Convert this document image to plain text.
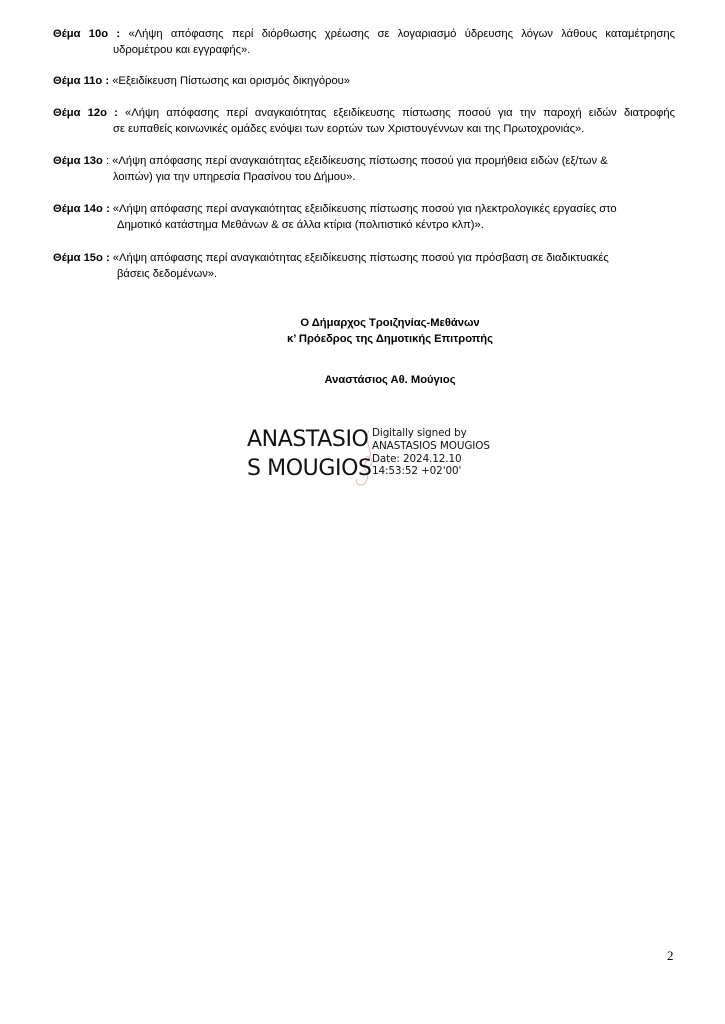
Θέμα 10ο : «Λήψη απόφασης περί διόρθωσης χρέωσης σε λογαριασμό ύδρευσης λόγων λάθους καταμέτρησης
υδρομέτρου και εγγραφής».
Θέμα 11ο : «Εξειδίκευση Πίστωσης και ορισμός δικηγόρου»
Θέμα 12ο : «Λήψη απόφασης περί αναγκαιότητας εξειδίκευσης πίστωσης ποσού για την παροχή ειδών διατροφής
σε ευπαθείς κοινωνικές ομάδες ενόψει των εορτών των Χριστουγέννων και της Πρωτοχρονιάς».
Θέμα 13ο : «Λήψη απόφασης περί αναγκαιότητας εξειδίκευσης πίστωσης ποσού για προμήθεια ειδών (εξ/των &
λοιπών) για την υπηρεσία Πρασίνου του Δήμου».
Θέμα 14ο : «Λήψη απόφασης περί αναγκαιότητας εξειδίκευσης πίστωσης ποσού για ηλεκτρολογικές εργασίες στο
Δημοτικό κατάστημα Μεθάνων & σε άλλα κτίρια (πολιτιστικό κέντρο κλπ)».
Θέμα 15ο : «Λήψη απόφασης περί αναγκαιότητας εξειδίκευσης πίστωσης ποσού για πρόσβαση σε διαδικτυακές
βάσεις δεδομένων».
Ο Δήμαρχος Τροιζηνίας-Μεθάνων
κ’ Πρόεδρος της Δημοτικής Επιτροπής
Αναστάσιος Αθ. Μούγιος
ANASTASIO
S MOUGIOS
Digitally signed by
ANASTASIOS MOUGIOS
Date: 2024.12.10
14:53:52 +02'00'
2
